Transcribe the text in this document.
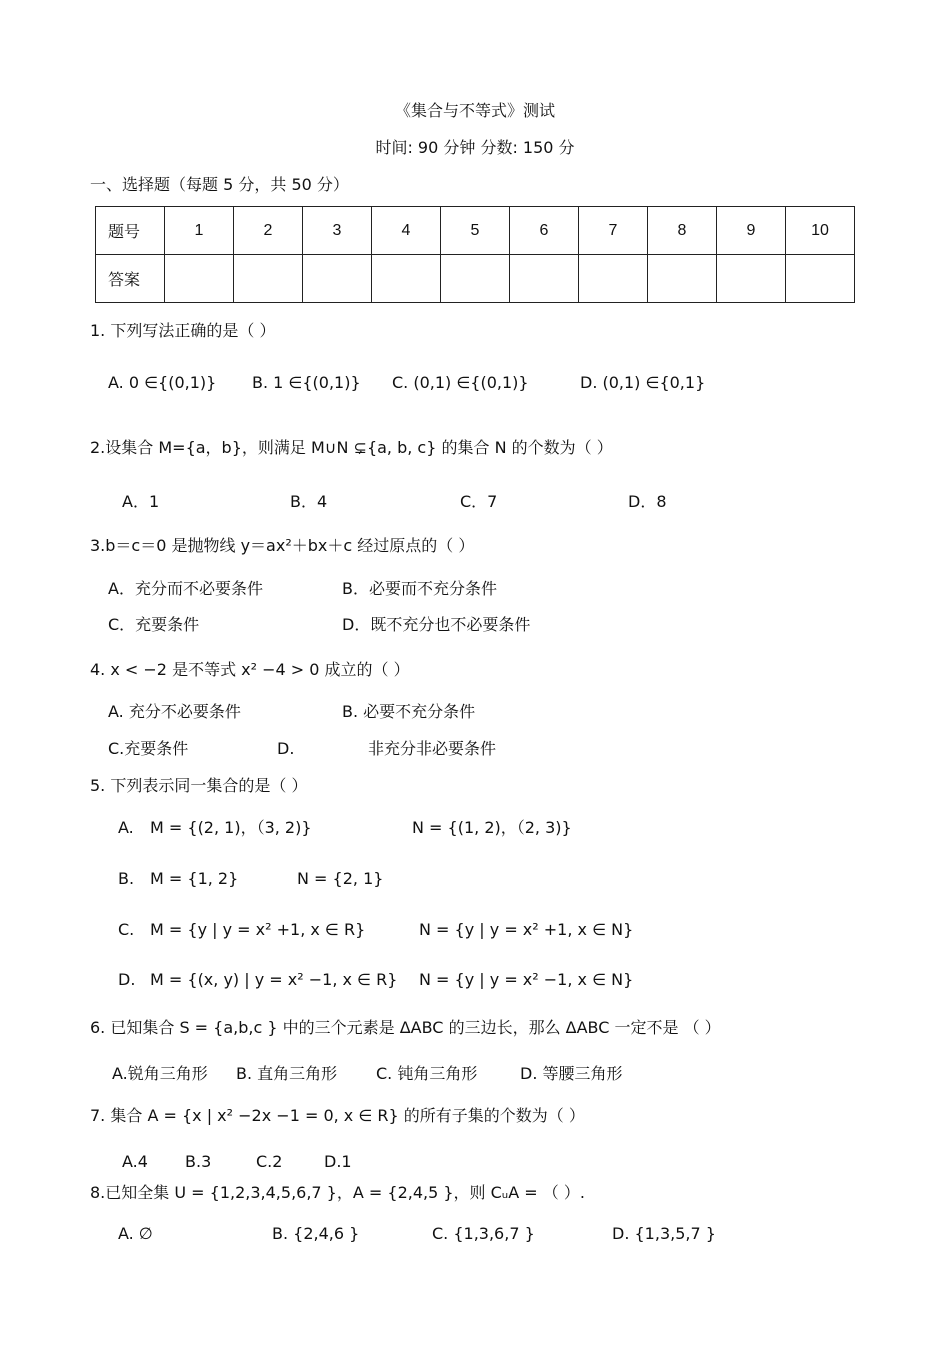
《集合与不等式》测试
时间: 90 分钟 分数: 150 分
一、选择题（每题 5 分，共 50 分）
题号	1	2	3	4	5	6	7	8	9	10
答案										
1. 下列写法正确的是（ ）
A. 0 ∈{(0,1)} B. 1 ∈{(0,1)} C. (0,1) ∈{(0,1)}	D. (0,1) ∈{0,1}
2.设集合 M={a，b}，则满足 M∪N ⊊{a, b, c} 的集合 N 的个数为（ ）
A．1	B．4	C．7	D．8
3.b＝c＝0 是抛物线 y＝ax²＋bx＋c 经过原点的（ ）
A．充分而不必要条件	B．必要而不充分条件
C．充要条件	D．既不充分也不必要条件
4. x < −2 是不等式 x² −4 > 0 成立的（ ）
A. 充分不必要条件	B. 必要不充分条件
C.充要条件	D.	非充分非必要条件
5. 下列表示同一集合的是（ ）
A. M = {(2, 1)，（3, 2)}	N = {(1, 2)，（2, 3)}
B. M = {1, 2}	N = {2, 1}
C. M = {y | y = x² +1, x ∈ R}	N = {y | y = x² +1, x ∈ N}
D. M = {(x, y) | y = x² −1, x ∈ R} N = {y | y = x² −1, x ∈ N}
6. 已知集合 S = {a,b,c } 中的三个元素是 ΔABC 的三边长，那么 ΔABC 一定不是 （ ）
A.锐角三角形 B. 直角三角形 C. 钝角三角形	D. 等腰三角形
7. 集合 A = {x | x² −2x −1 = 0, x ∈ R} 的所有子集的个数为（ ）
A.4 B.3	C.2	D.1
8.已知全集 U = {1,2,3,4,5,6,7 }，A = {2,4,5 }，则 CᵤA = （ ）.
A. ∅	B. {2,4,6 }	C. {1,3,6,7 }	D. {1,3,5,7 }
